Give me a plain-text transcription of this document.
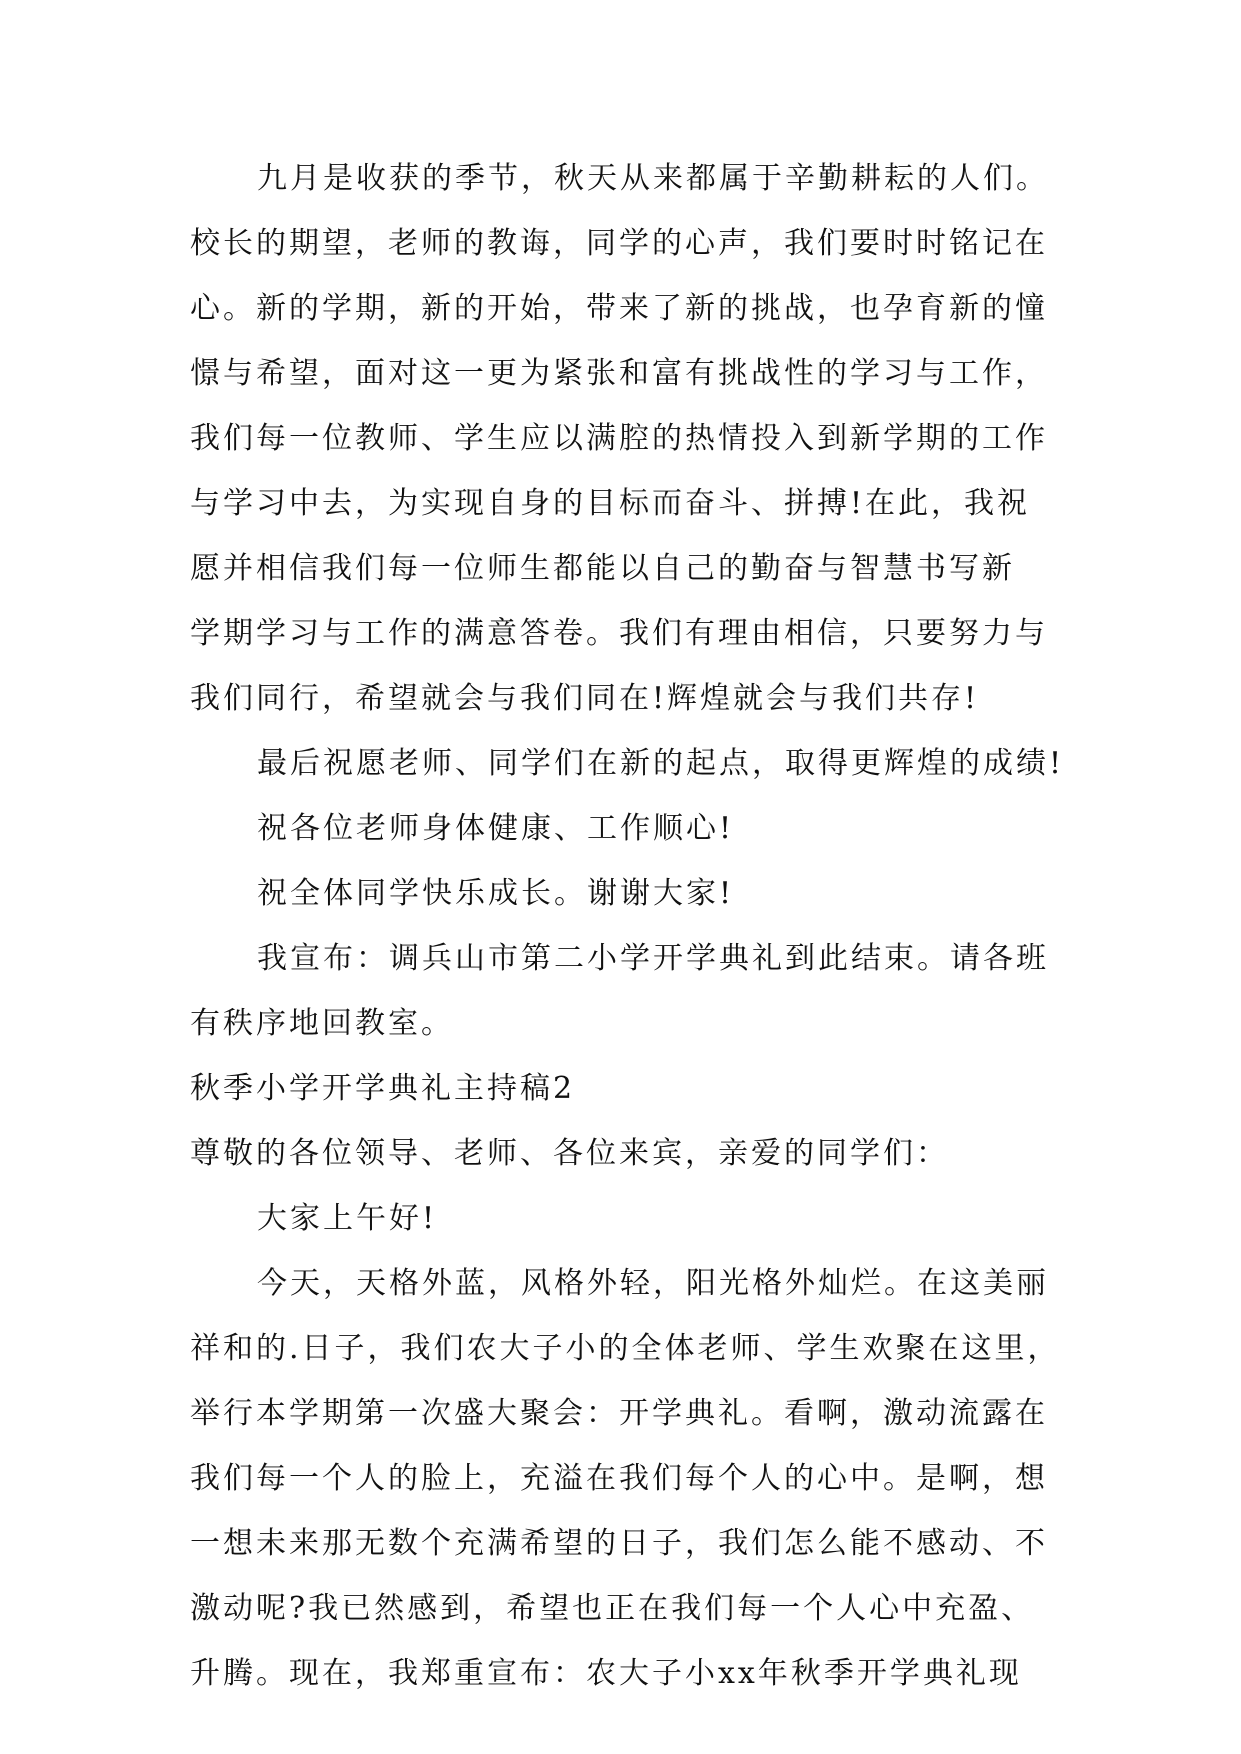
九月是收获的季节，秋天从来都属于辛勤耕耘的人们。
校长的期望，老师的教诲，同学的心声，我们要时时铭记在
心。新的学期，新的开始，带来了新的挑战，也孕育新的憧
憬与希望，面对这一更为紧张和富有挑战性的学习与工作，
我们每一位教师、学生应以满腔的热情投入到新学期的工作
与学习中去，为实现自身的目标而奋斗、拼搏!在此，我祝
愿并相信我们每一位师生都能以自己的勤奋与智慧书写新
学期学习与工作的满意答卷。我们有理由相信，只要努力与
我们同行，希望就会与我们同在!辉煌就会与我们共存!
最后祝愿老师、同学们在新的起点，取得更辉煌的成绩!
祝各位老师身体健康、工作顺心!
祝全体同学快乐成长。谢谢大家!
我宣布：调兵山市第二小学开学典礼到此结束。请各班
有秩序地回教室。
秋季小学开学典礼主持稿2
尊敬的各位领导、老师、各位来宾，亲爱的同学们：
大家上午好!
今天，天格外蓝，风格外轻，阳光格外灿烂。在这美丽
祥和的.日子，我们农大子小的全体老师、学生欢聚在这里，
举行本学期第一次盛大聚会：开学典礼。看啊，激动流露在
我们每一个人的脸上，充溢在我们每个人的心中。是啊，想
一想未来那无数个充满希望的日子，我们怎么能不感动、不
激动呢?我已然感到，希望也正在我们每一个人心中充盈、
升腾。现在，我郑重宣布：农大子小xx年秋季开学典礼现
